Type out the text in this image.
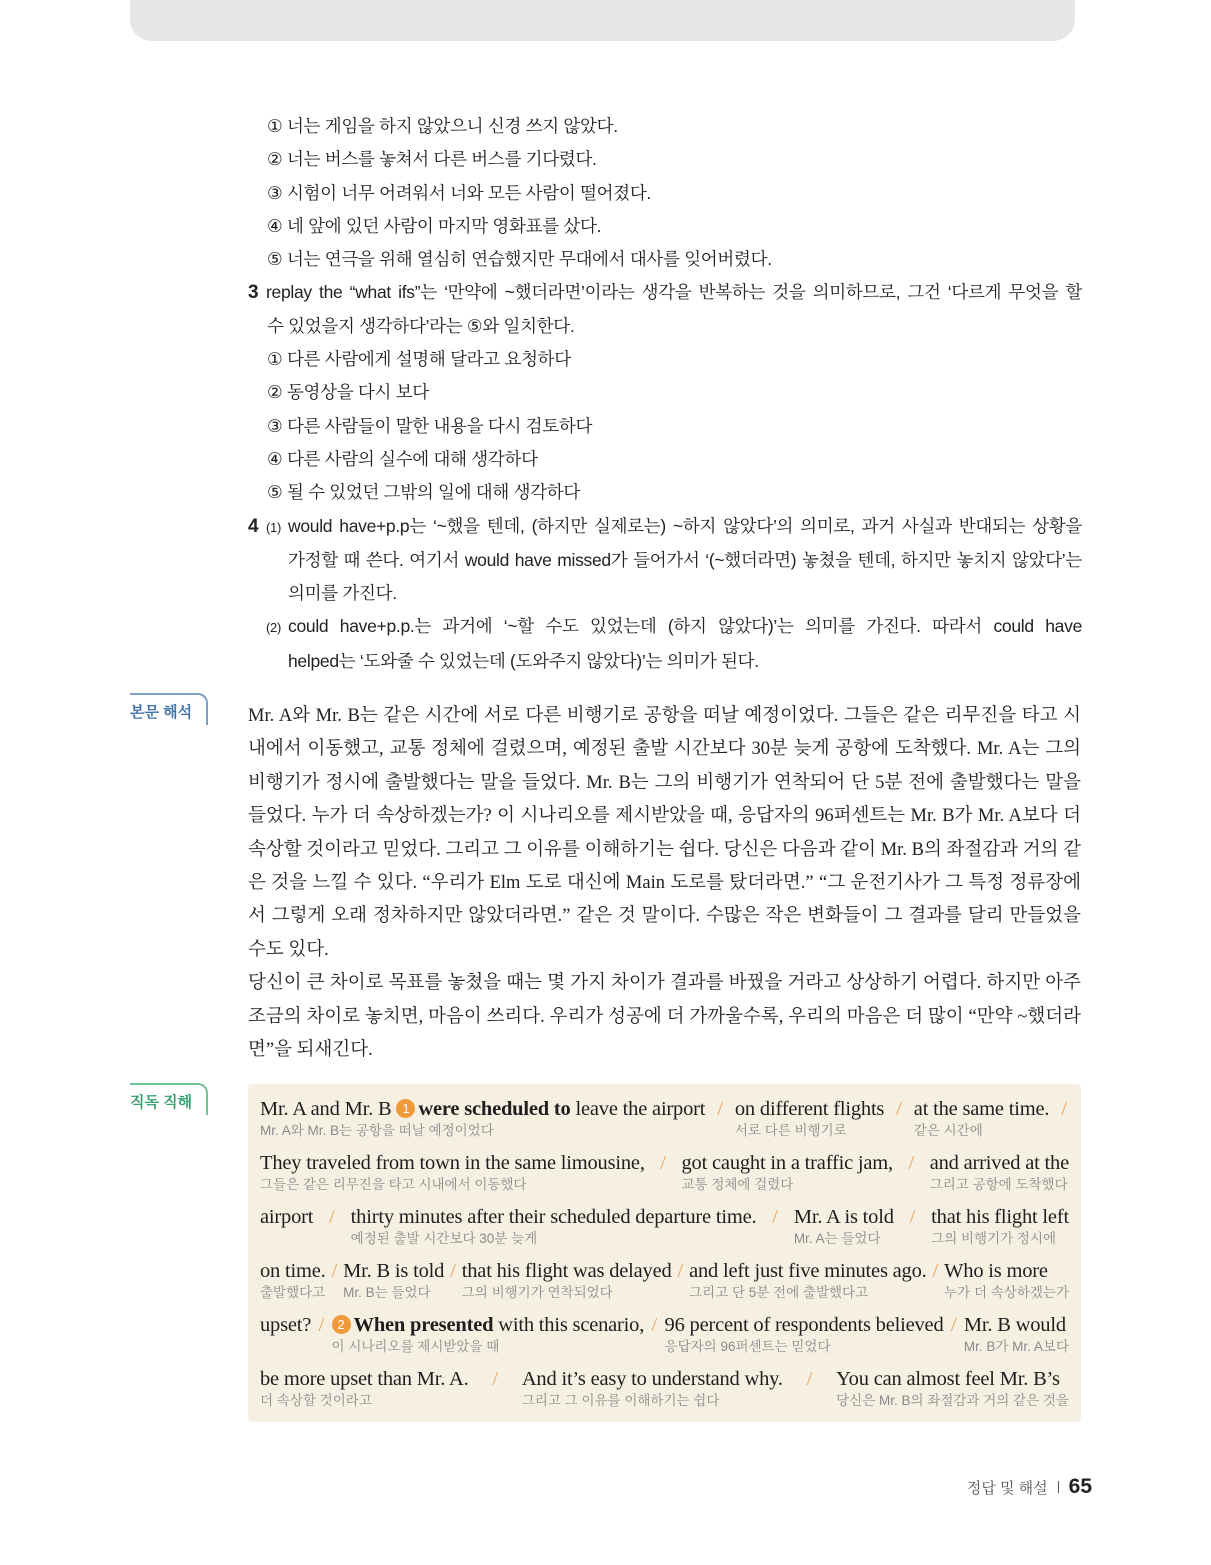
① 너는 게임을 하지 않았으니 신경 쓰지 않았다.
② 너는 버스를 놓쳐서 다른 버스를 기다렸다.
③ 시험이 너무 어려워서 너와 모든 사람이 떨어졌다.
④ 네 앞에 있던 사람이 마지막 영화표를 샀다.
⑤ 너는 연극을 위해 열심히 연습했지만 무대에서 대사를 잊어버렸다.
3 replay the “what ifs”는 ‘만약에 ~했더라면’이라는 생각을 반복하는 것을 의미하므로, 그건 ‘다르게 무엇을 할
수 있었을지 생각하다’라는 ⑤와 일치한다.
① 다른 사람에게 설명해 달라고 요청하다
② 동영상을 다시 보다
③ 다른 사람들이 말한 내용을 다시 검토하다
④ 다른 사람의 실수에 대해 생각하다
⑤ 될 수 있었던 그밖의 일에 대해 생각하다
4 (1) would have+p.p는 ‘~했을 텐데, (하지만 실제로는) ~하지 않았다’의 의미로, 과거 사실과 반대되는 상황을
가정할 때 쓴다. 여기서 would have missed가 들어가서 ‘(~했더라면) 놓쳤을 텐데, 하지만 놓치지 않았다’는
의미를 가진다.
(2) could have+p.p.는 과거에 ‘~할 수도 있었는데 (하지 않았다)’는 의미를 가진다. 따라서 could have
helped는 ‘도와줄 수 있었는데 (도와주지 않았다)’는 의미가 된다.
본문 해석	Mr. A와 Mr. B는 같은 시간에 서로 다른 비행기로 공항을 떠날 예정이었다. 그들은 같은 리무진을 타고 시내에서 이동했고, 교통 정체에 걸렸으며, 예정된 출발 시간보다 30분 늦게 공항에 도착했다. Mr. A는 그의 비행기가 정시에 출발했다는 말을 들었다. Mr. B는 그의 비행기가 연착되어 단 5분 전에 출발했다는 말을 들었다. 누가 더 속상하겠는가? 이 시나리오를 제시받았을 때, 응답자의 96퍼센트는 Mr. B가 Mr. A보다 더 속상할 것이라고 믿었다. 그리고 그 이유를 이해하기는 쉽다. 당신은 다음과 같이 Mr. B의 좌절감과 거의 같은 것을 느낄 수 있다. “우리가 Elm 도로 대신에 Main 도로를 탔더라면.” “그 운전기사가 그 특정 정류장에서 그렇게 오래 정차하지만 않았더라면.” 같은 것 말이다. 수많은 작은 변화들이 그 결과를 달리 만들었을 수도 있다.

당신이 큰 차이로 목표를 놓쳤을 때는 몇 가지 차이가 결과를 바꿨을 거라고 상상하기 어렵다. 하지만 아주 조금의 차이로 놓치면, 마음이 쓰리다. 우리가 성공에 더 가까울수록, 우리의 마음은 더 많이 “만약 ~했더라면”을 되새긴다.

직독 직해	Mr. A and Mr. B 1 were scheduled to leave the airport
Mr. A와 Mr. B는 공항을 떠날 예정이었다
/ on different flights
서로 다른 비행기로
/ at the same time.
같은 시간에
/
They traveled from town in the same limousine,
그들은 같은 리무진을 타고 시내에서 이동했다
/ got caught in a traffic jam,
교통 정체에 걸렸다
/ and arrived at the
그리고 공항에 도착했다
airport
/ thirty minutes after their scheduled departure time.
예정된 출발 시간보다 30분 늦게
/ Mr. A is told
Mr. A는 들었다
/ that his flight left
그의 비행기가 정시에
on time.
출발했다고
/ Mr. B is told
Mr. B는 들었다
/ that his flight was delayed
그의 비행기가 연착되었다
/ and left just five minutes ago.
그리고 단 5분 전에 출발했다고
/ Who is more
누가 더 속상하겠는가
upset?
/	2 When presented with this scenario,
이 시나리오를 제시받았을 때
/ 96 percent of respondents believed
응답자의 96퍼센트는 믿었다
/ Mr. B would
Mr. B가 Mr. A보다
be more upset than Mr. A.
더 속상할 것이라고
/ And it’s easy to understand why.
그리고 그 이유를 이해하기는 쉽다
/ You can almost feel Mr. B’s
당신은 Mr. B의 좌절감과 거의 같은 것을
정답 및 해설 65
